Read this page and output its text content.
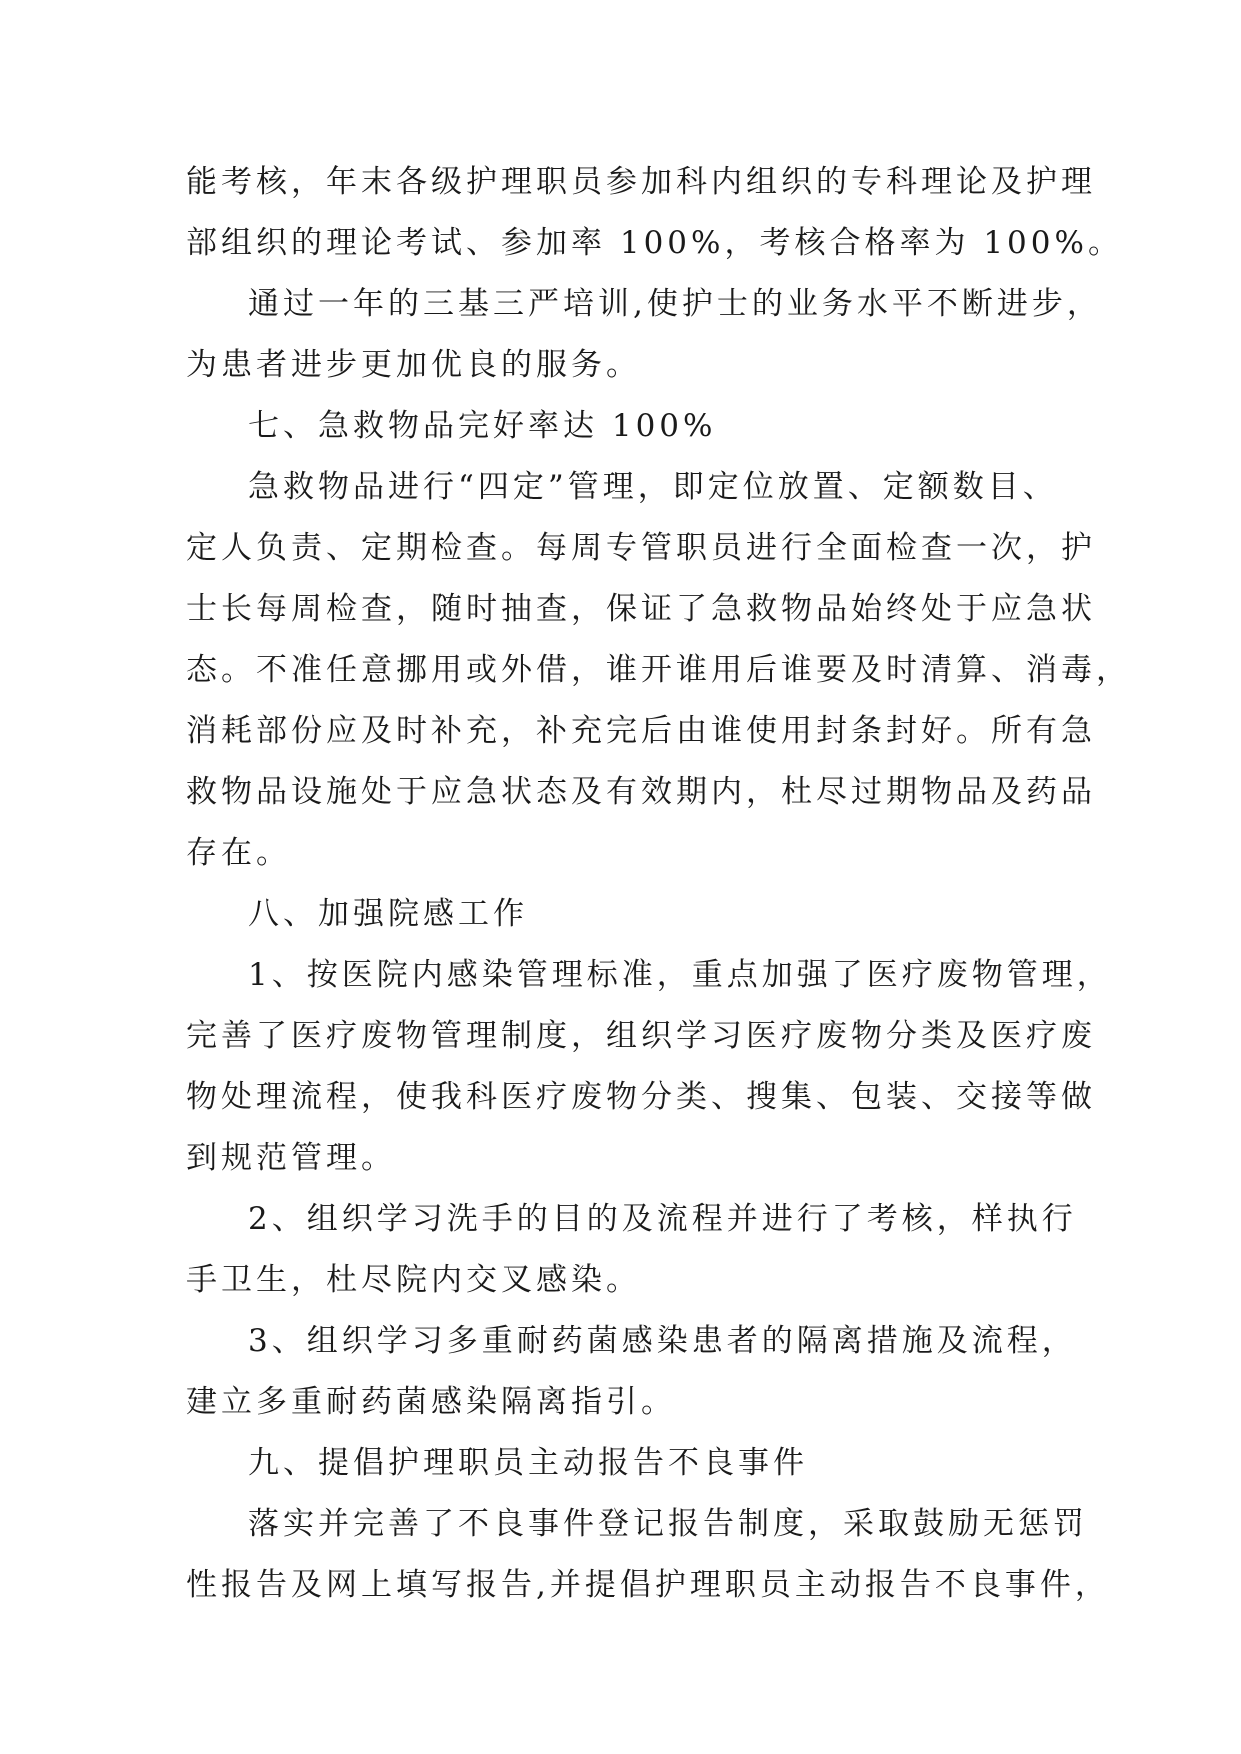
能考核，年末各级护理职员参加科内组织的专科理论及护理
部组织的理论考试、参加率 100%，考核合格率为 100%。
通过一年的三基三严培训,使护士的业务水平不断进步，
为患者进步更加优良的服务。
七、急救物品完好率达 100%
急救物品进行“四定”管理，即定位放置、定额数目、
定人负责、定期检查。每周专管职员进行全面检查一次，护
士长每周检查，随时抽查，保证了急救物品始终处于应急状
态。不准任意挪用或外借，谁开谁用后谁要及时清算、消毒，
消耗部份应及时补充，补充完后由谁使用封条封好。所有急
救物品设施处于应急状态及有效期内，杜尽过期物品及药品
存在。
八、加强院感工作
1、按医院内感染管理标准，重点加强了医疗废物管理，
完善了医疗废物管理制度，组织学习医疗废物分类及医疗废
物处理流程，使我科医疗废物分类、搜集、包装、交接等做
到规范管理。
2、组织学习洗手的目的及流程并进行了考核，样执行
手卫生，杜尽院内交叉感染。
3、组织学习多重耐药菌感染患者的隔离措施及流程，
建立多重耐药菌感染隔离指引。
九、提倡护理职员主动报告不良事件
落实并完善了不良事件登记报告制度，采取鼓励无惩罚
性报告及网上填写报告,并提倡护理职员主动报告不良事件，
